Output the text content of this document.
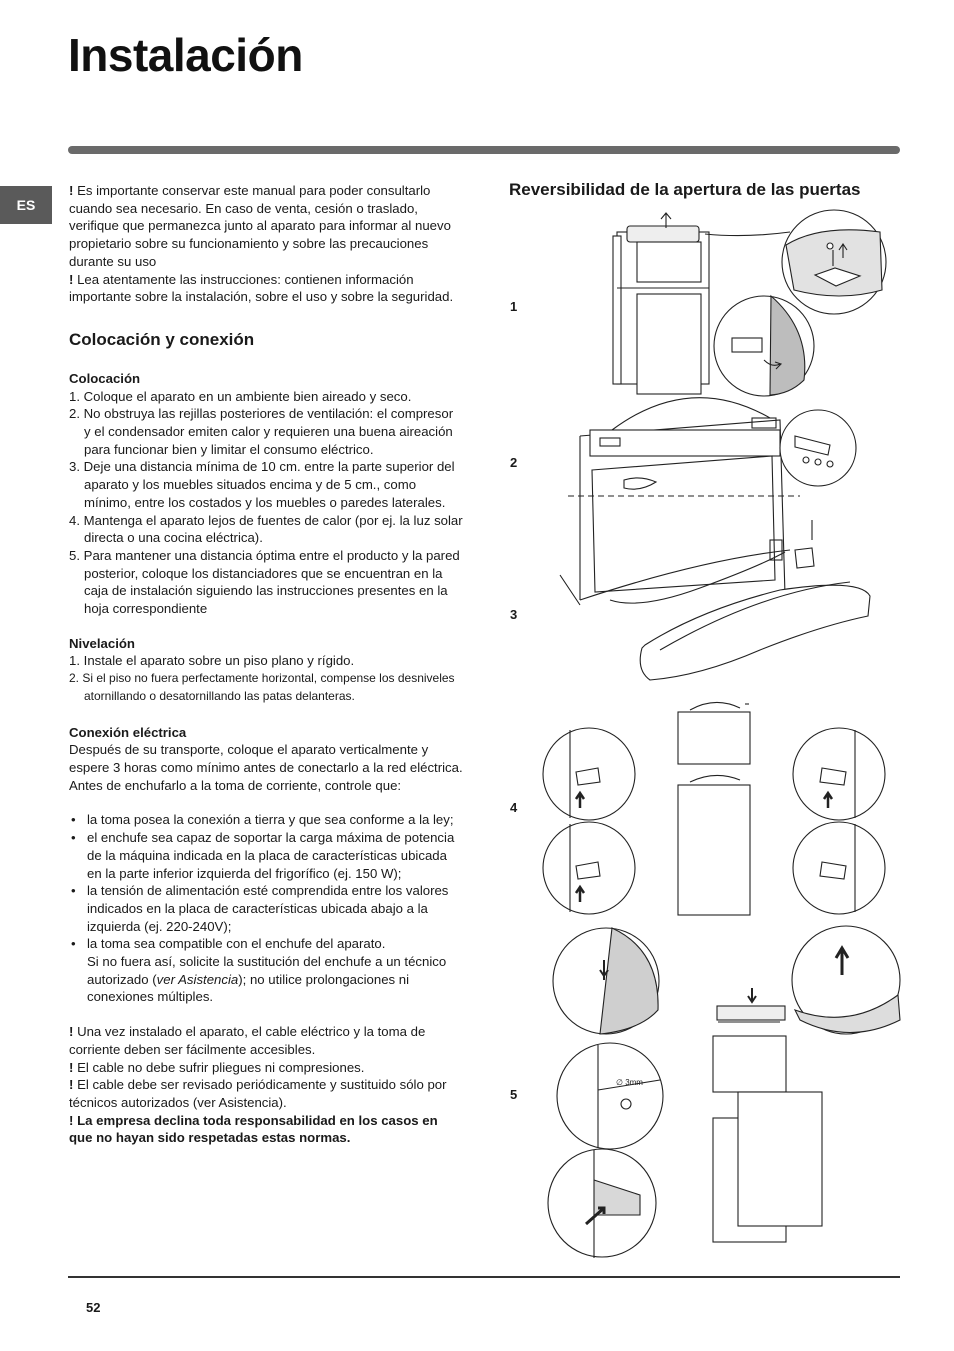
Instalación
ES

! Es importante conservar este manual para poder consultarlo cuando sea necesario. En caso de venta, cesión o traslado, verifique que permanezca junto al aparato para informar al nuevo propietario sobre su funcionamiento y sobre las precauciones durante su uso

! Lea atentamente las instrucciones: contienen información importante sobre la instalación, sobre el uso y sobre la seguridad.

Colocación y conexión
Colocación
1. Coloque el aparato en un ambiente bien aireado y seco.
2. No obstruya las rejillas posteriores de ventilación: el compresor y el condensador emiten calor y requieren una buena aireación para funcionar bien y limitar el consumo eléctrico.
3. Deje una distancia mínima de 10 cm. entre la parte superior del aparato y los muebles situados encima y de 5 cm., como mínimo, entre los costados y los muebles o paredes laterales.
4. Mantenga el aparato lejos de fuentes de calor (por ej. la luz solar directa o una cocina eléctrica).
5. Para mantener una distancia óptima entre el producto y la pared posterior, coloque los distanciadores que se encuentran en la caja de instalación siguiendo las instrucciones presentes en la hoja correspondiente
Nivelación
1. Instale el aparato sobre un piso plano y rígido.
2. Si el piso no fuera perfectamente horizontal, compense los desniveles atornillando o desatornillando las patas delanteras.
Conexión eléctrica

Después de su transporte, coloque el aparato verticalmente y espere 3 horas como mínimo antes de conectarlo a la red eléctrica. Antes de enchufarlo a la toma de corriente, controle que:

• la toma posea la conexión a tierra y que sea conforme a la ley;
• el enchufe sea capaz de soportar la carga máxima de potencia de la máquina indicada en la placa de características ubicada en la parte inferior izquierda del frigorífico (ej. 150 W);
• la tensión de alimentación esté comprendida entre los valores indicados en la placa de características ubicada abajo a la izquierda (ej. 220-240V);
• la toma sea compatible con el enchufe del aparato.
Si no fuera así, solicite la sustitución del enchufe a un técnico autorizado (ver Asistencia); no utilice prolongaciones ni conexiones múltiples.

! Una vez instalado el aparato, el cable eléctrico y la toma de corriente deben ser fácilmente accesibles.

! El cable no debe sufrir pliegues ni compresiones.

! El cable debe ser revisado periódicamente y sustituido sólo por técnicos autorizados (ver Asistencia).

! La empresa declina toda responsabilidad en los casos en que no hayan sido respetadas estas normas.

Reversibilidad de la apertura de las puertas
1
2
3
4
5
∅ 3mm
52
